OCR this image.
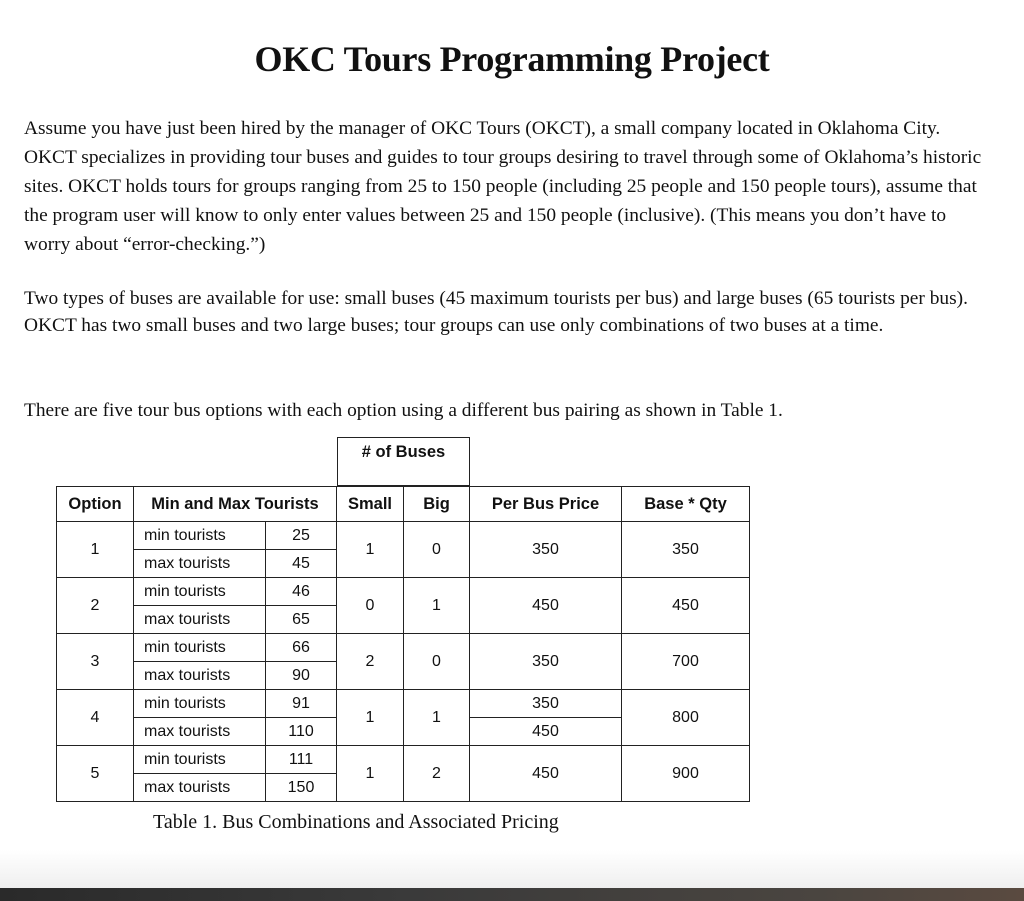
OKC Tours Programming Project

Assume you have just been hired by the manager of OKC Tours (OKCT), a small company located in Oklahoma City. OKCT specializes in providing tour buses and guides to tour groups desiring to travel through some of Oklahoma’s historic sites. OKCT holds tours for groups ranging from 25 to 150 people (including 25 people and 150 people tours), assume that the program user will know to only enter values between 25 and 150 people (inclusive). (This means you don’t have to worry about “error-checking.”)

Two types of buses are available for use: small buses (45 maximum tourists per bus) and large buses (65 tourists per bus). OKCT has two small buses and two large buses; tour groups can use only combinations of two buses at a time.

There are five tour bus options with each option using a different bus pairing as shown in Table 1.

# of Buses
Option	Min and Max Tourists		Small	Big	Per Bus Price	Base * Qty
1	min tourists	25	1	0	350	350
	max tourists	45				
2	min tourists	46	0	1	450	450
	max tourists	65				
3	min tourists	66	2	0	350	700
	max tourists	90				
4	min tourists	91	1	1	350	800
	max tourists	110			450	
5	min tourists	111	1	2	450	900
	max tourists	150				
Table 1. Bus Combinations and Associated Pricing
